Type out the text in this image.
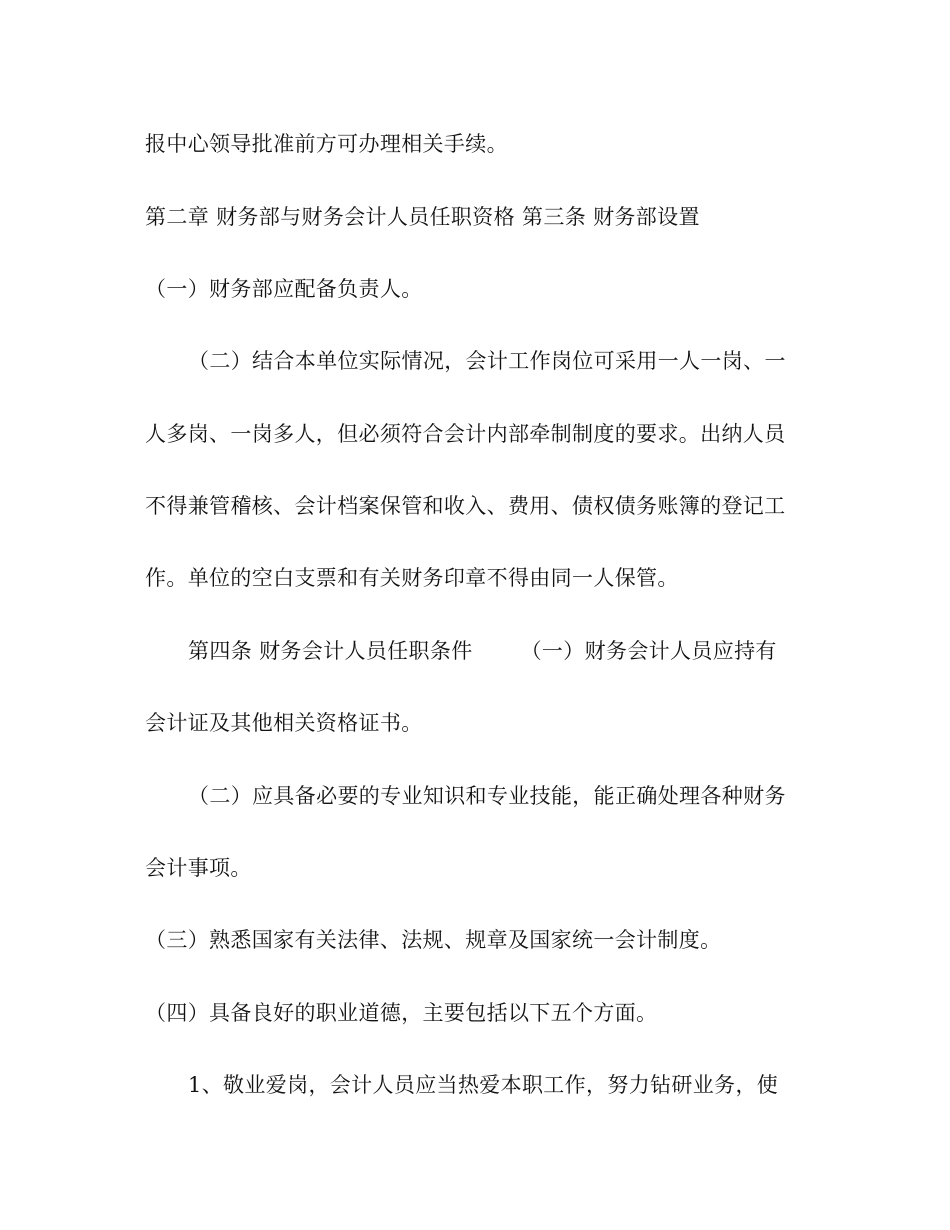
报中心领导批准前方可办理相关手续。
第二章 财务部与财务会计人员任职资格 第三条 财务部设置
（一）财务部应配备负责人。
（二）结合本单位实际情况，会计工作岗位可采用一人一岗、一
人多岗、一岗多人，但必须符合会计内部牵制制度的要求。出纳人员
不得兼管稽核、会计档案保管和收入、费用、债权债务账簿的登记工
作。单位的空白支票和有关财务印章不得由同一人保管。
第四条 财务会计人员任职条件 （一）财务会计人员应持有
会计证及其他相关资格证书。
（二）应具备必要的专业知识和专业技能，能正确处理各种财务
会计事项。
（三）熟悉国家有关法律、法规、规章及国家统一会计制度。
（四）具备良好的职业道德，主要包括以下五个方面。
1、敬业爱岗，会计人员应当热爱本职工作，努力钻研业务，使
